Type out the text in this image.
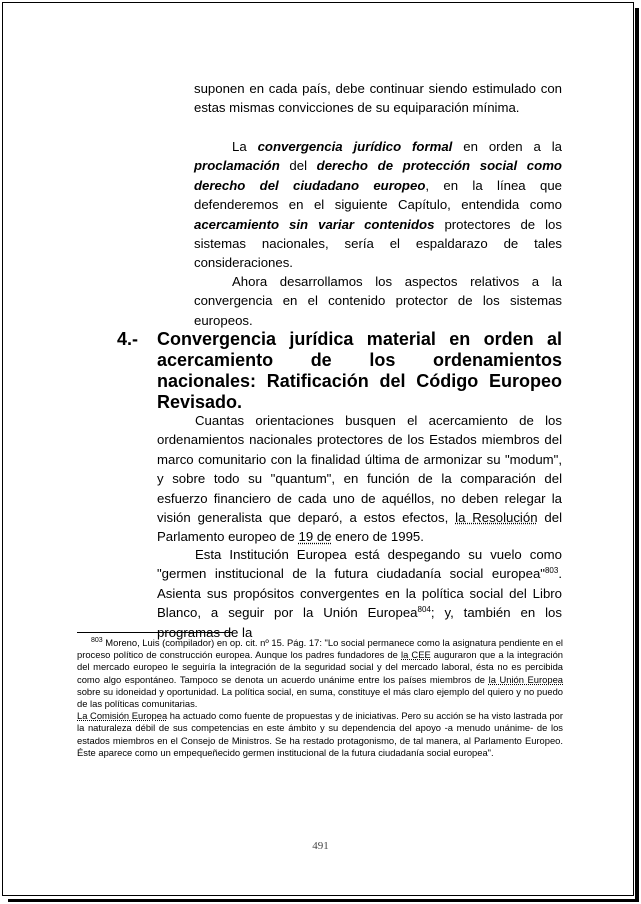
suponen en cada país, debe continuar siendo estimulado con estas mismas convicciones de su equiparación mínima.

La convergencia jurídico formal en orden a la proclamación del derecho de protección social como derecho del ciudadano europeo, en la línea que defenderemos en el siguiente Capítulo, entendida como acercamiento sin variar contenidos protectores de los sistemas nacionales, sería el espaldarazo de tales consideraciones.

Ahora desarrollamos los aspectos relativos a la convergencia en el contenido protector de los sistemas europeos.

4.- Convergencia jurídica material en orden al acercamiento de los ordenamientos nacionales: Ratificación del Código Europeo Revisado.

Cuantas orientaciones busquen el acercamiento de los ordenamientos nacionales protectores de los Estados miembros del marco comunitario con la finalidad última de armonizar su "modum", y sobre todo su "quantum", en función de la comparación del esfuerzo financiero de cada uno de aquéllos, no deben relegar la visión generalista que deparó, a estos efectos, la Resolución del Parlamento europeo de 19 de enero de 1995.

Esta Institución Europea está despegando su vuelo como "germen institucional de la futura ciudadanía social europea"$^{803}$. Asienta sus propósitos convergentes en la política social del Libro Blanco, a seguir por la Unión Europea$^{804}$; y, también en los programas de la

$^{803}$ Moreno, Luis (compilador) en op. cit. nº 15. Pág. 17: "Lo social permanece como la asignatura pendiente en el proceso político de construcción europea. Aunque los padres fundadores de la CEE auguraron que a la integración del mercado europeo le seguiría la integración de la seguridad social y del mercado laboral, ésta no es percibida como algo espontáneo. Tampoco se denota un acuerdo unánime entre los países miembros de la Unión Europea sobre su idoneidad y oportunidad. La política social, en suma, constituye el más claro ejemplo del quiero y no puedo de las políticas comunitarias.

La Comisión Europea ha actuado como fuente de propuestas y de iniciativas. Pero su acción se ha visto lastrada por la naturaleza débil de sus competencias en este ámbito y su dependencia del apoyo -a menudo unánime- de los estados miembros en el Consejo de Ministros. Se ha restado protagonismo, de tal manera, al Parlamento Europeo. Éste aparece como un empequeñecido germen institucional de la futura ciudadanía social europea".

491
